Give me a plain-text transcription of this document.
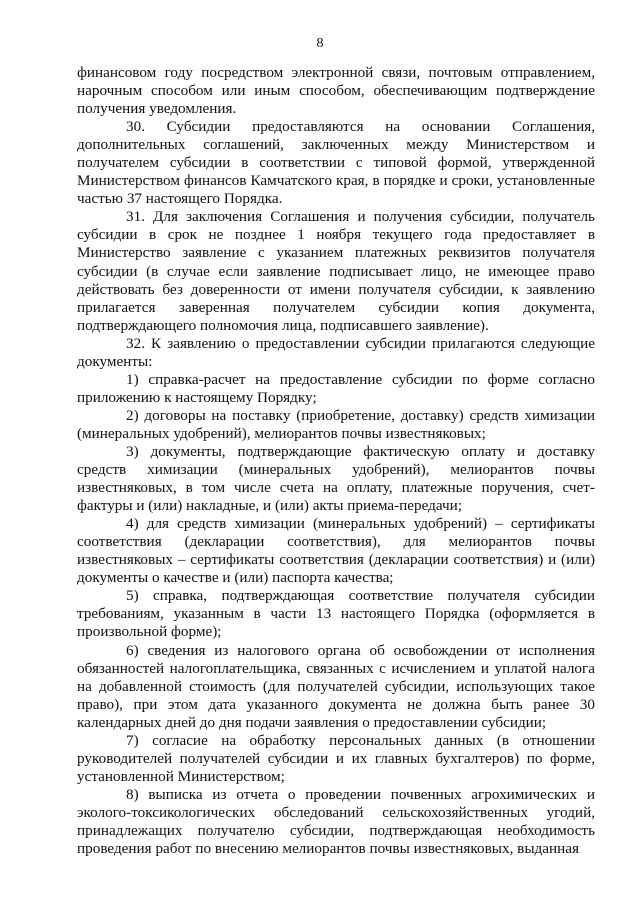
8

финансовом году посредством электронной связи, почтовым отправлением, нарочным способом или иным способом, обеспечивающим подтверждение получения уведомления.

30. Субсидии предоставляются на основании Соглашения, дополнительных соглашений, заключенных между Министерством и получателем субсидии в соответствии с типовой формой, утвержденной Министерством финансов Камчатского края, в порядке и сроки, установленные частью 37 настоящего Порядка.

31. Для заключения Соглашения и получения субсидии, получатель субсидии в срок не позднее 1 ноября текущего года предоставляет в Министерство заявление с указанием платежных реквизитов получателя субсидии (в случае если заявление подписывает лицо, не имеющее право действовать без доверенности от имени получателя субсидии, к заявлению прилагается заверенная получателем субсидии копия документа, подтверждающего полномочия лица, подписавшего заявление).

32. К заявлению о предоставлении субсидии прилагаются следующие документы:

1) справка-расчет на предоставление субсидии по форме согласно приложению к настоящему Порядку;

2) договоры на поставку (приобретение, доставку) средств химизации (минеральных удобрений), мелиорантов почвы известняковых;

3) документы, подтверждающие фактическую оплату и доставку средств химизации (минеральных удобрений), мелиорантов почвы известняковых, в том числе счета на оплату, платежные поручения, счет-фактуры и (или) накладные, и (или) акты приема-передачи;

4) для средств химизации (минеральных удобрений) – сертификаты соответствия (декларации соответствия), для мелиорантов почвы известняковых – сертификаты соответствия (декларации соответствия) и (или) документы о качестве и (или) паспорта качества;

5) справка, подтверждающая соответствие получателя субсидии требованиям, указанным в части 13 настоящего Порядка (оформляется в произвольной форме);

6) сведения из налогового органа об освобождении от исполнения обязанностей налогоплательщика, связанных с исчислением и уплатой налога на добавленной стоимость (для получателей субсидии, использующих такое право), при этом дата указанного документа не должна быть ранее 30 календарных дней до дня подачи заявления о предоставлении субсидии;

7) согласие на обработку персональных данных (в отношении руководителей получателей субсидии и их главных бухгалтеров) по форме, установленной Министерством;

8) выписка из отчета о проведении почвенных агрохимических и эколого-токсикологических обследований сельскохозяйственных угодий, принадлежащих получателю субсидии, подтверждающая необходимость проведения работ по внесению мелиорантов почвы известняковых, выданная
